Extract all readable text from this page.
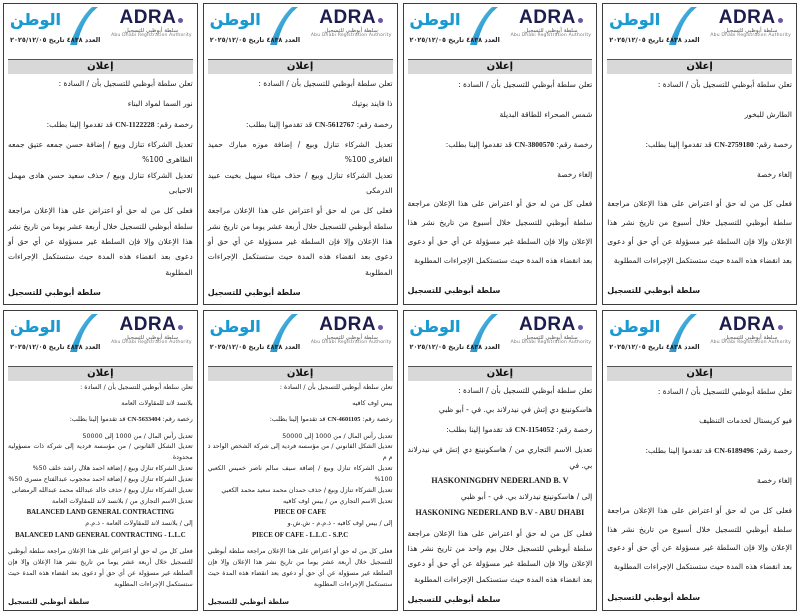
ADRA
سلطة أبوظبي للتسجيل
Abu Dhabi Registration Authority
الوطن
العدد ٤٨٣٨ تاريخ ٢٠٢٥/١٢/٠٥
إعلان
تعلن سلطة أبوظبي للتسجيل بأن / السادة :
نور السما لمواد البناء
رخصة رقم: CN-1122228 قد تقدموا إلينا بطلب:
تعديل الشركاء تنازل وبيع / إضافة حسن جمعه عتيق جمعه الظاهرى 100%
تعديل الشركاء تنازل وبيع / حذف سعيد حسن هادى مهمل الاحبابى
فعلى كل من له حق أو اعتراض على هذا الإعلان مراجعة سلطة أبوظبي للتسجيل خلال أربعة عشر يوما من تاريخ نشر هذا الإعلان وإلا فإن السلطة غير مسؤولة عن أي حق أو دعوى بعد انقضاء هذه المدة حيث ستستكمل الإجراءات المطلوبة
سلطة أبوظبي للتسجيل
ADRA
سلطة أبوظبي للتسجيل
Abu Dhabi Registration Authority
الوطن
العدد ٤٨٣٨ تاريخ ٢٠٢٥/١٢/٠٥
إعلان
تعلن سلطة أبوظبي للتسجيل بأن / السادة :
ذا فايند بوتيك
رخصة رقم: CN-5612767 قد تقدموا إلينا بطلب:
تعديل الشركاء تنازل وبيع / إضافة موزه مبارك حميد الغافرى 100%
تعديل الشركاء تنازل وبيع / حذف ميثاء سهيل بخيت عبيد الدرمكى
فعلى كل من له حق أو اعتراض على هذا الإعلان مراجعة سلطة أبوظبي للتسجيل خلال أربعة عشر يوما من تاريخ نشر هذا الإعلان وإلا فإن السلطة غير مسؤولة عن أي حق أو دعوى بعد انقضاء هذه المدة حيث ستستكمل الإجراءات المطلوبة
سلطة أبوظبي للتسجيل
ADRA
سلطة أبوظبي للتسجيل
Abu Dhabi Registration Authority
الوطن
العدد ٤٨٣٨ تاريخ ٢٠٢٥/١٢/٠٥
إعلان
تعلن سلطة أبوظبي للتسجيل بأن / السادة :
شمس الصحراء للطاقة البديلة
رخصة رقم: CN-3800570 قد تقدموا إلينا بطلب:
إلغاء رخصة
فعلى كل من له حق أو اعتراض على هذا الإعلان مراجعة سلطة أبوظبي للتسجيل خلال أسبوع من تاريخ نشر هذا الإعلان وإلا فإن السلطة غير مسؤولة عن أي حق أو دعوى بعد انقضاء هذه المدة حيث ستستكمل الإجراءات المطلوبة
سلطة أبوظبي للتسجيل
ADRA
سلطة أبوظبي للتسجيل
Abu Dhabi Registration Authority
الوطن
العدد ٤٨٣٨ تاريخ ٢٠٢٥/١٢/٠٥
إعلان
تعلن سلطة أبوظبي للتسجيل بأن / السادة :
الطارش للبخور
رخصة رقم: CN-2759180 قد تقدموا إلينا بطلب:
إلغاء رخصة
فعلى كل من له حق أو اعتراض على هذا الإعلان مراجعة سلطة أبوظبي للتسجيل خلال أسبوع من تاريخ نشر هذا الإعلان وإلا فإن السلطة غير مسؤولة عن أي حق أو دعوى بعد انقضاء هذه المدة حيث ستستكمل الإجراءات المطلوبة
سلطة أبوظبي للتسجيل
ADRA
سلطة أبوظبي للتسجيل
Abu Dhabi Registration Authority
الوطن
العدد ٤٨٣٨ تاريخ ٢٠٢٥/١٢/٠٥
إعلان
تعلن سلطة أبوظبي للتسجيل بأن / السادة :
بلانسد لاند للمقاولات العامة
رخصة رقم: CN-5633404 قد تقدموا إلينا بطلب:
تعديل رأس المال / من 1000 إلى 50000
تعديل الشكل القانوني / من مؤسسة فردية إلى شركة ذات مسؤولية محدودة
تعديل الشركاء تنازل وبيع / إضافة احمد هلال راشد خلف 50%
تعديل الشركاء تنازل وبيع / إضافة احمد محجوب عبدالفتاح مسرى 50%
تعديل الشركاء تنازل وبيع / حذف خالد عبدالله محمد عبدالله الرمضانى
تعديل الاسم التجاري من / بلانسد لاند للمقاولات العامة
BALANCED LAND GENERAL CONTRACTING
إلى / بلانسد لاند للمقاولات العامة - ذ.م.م
BALANCED LAND GENERAL CONTRACTING - L.L.C
فعلى كل من له حق أو اعتراض على هذا الإعلان مراجعة سلطة أبوظبي للتسجيل خلال أربعة عشر يوما من تاريخ نشر هذا الإعلان وإلا فإن السلطة غير مسؤولة عن أي حق أو دعوى بعد انقضاء هذه المدة حيث ستستكمل الإجراءات المطلوبة
سلطة أبوظبي للتسجيل
ADRA
سلطة أبوظبي للتسجيل
Abu Dhabi Registration Authority
الوطن
العدد ٤٨٣٨ تاريخ ٢٠٢٥/١٢/٠٥
إعلان
تعلن سلطة أبوظبي للتسجيل بأن / السادة :
بيس اوف كافيه
رخصة رقم: CN-4601105 قد تقدموا إلينا بطلب:
تعديل رأس المال / من 1000 إلى 50000
تعديل الشكل القانوني / من مؤسسة فردية إلى شركة الشخص الواحد ذ م م
تعديل الشركاء تنازل وبيع / إضافة سيف سالم ناصر خميس الكعبي 100%
تعديل الشركاء تنازل وبيع / حذف حمدان محمد سعيد محمد الكعبي
تعديل الاسم التجاري من / بيس اوف كافيه
PIECE OF CAFE
إلى / بيس اوف كافيه - ذ.م.م - ش.ش.و
PIECE OF CAFE - L.L.C - S.P.C
فعلى كل من له حق أو اعتراض على هذا الإعلان مراجعة سلطة أبوظبي للتسجيل خلال أربعة عشر يوما من تاريخ نشر هذا الإعلان وإلا فإن السلطة غير مسؤولة عن أي حق أو دعوى بعد انقضاء هذه المدة حيث ستستكمل الإجراءات المطلوبة
سلطة أبوظبي للتسجيل
ADRA
سلطة أبوظبي للتسجيل
Abu Dhabi Registration Authority
الوطن
العدد ٤٨٣٨ تاريخ ٢٠٢٥/١٢/٠٥
إعلان
تعلن سلطة أبوظبي للتسجيل بأن / السادة :
هاسكونينغ دي إتش في نيدرلاند بي. في - أبو ظبي
رخصة رقم: CN-1154052 قد تقدموا إلينا بطلب:
تعديل الاسم التجاري من / هاسكونينغ دي إتش في نيدرلاند بي. في
HASKONINGDHV NEDERLAND B. V
إلى / هاسكونينغ نيدرلاند بي. في - أبو ظبي
HASKONING NEDERLAND B.V - ABU DHABI
فعلى كل من له حق أو اعتراض على هذا الإعلان مراجعة سلطة أبوظبي للتسجيل خلال يوم واحد من تاريخ نشر هذا الإعلان وإلا فإن السلطة غير مسؤولة عن أي حق أو دعوى بعد انقضاء هذه المدة حيث ستستكمل الإجراءات المطلوبة
سلطة أبوظبي للتسجيل
ADRA
سلطة أبوظبي للتسجيل
Abu Dhabi Registration Authority
الوطن
العدد ٤٨٣٨ تاريخ ٢٠٢٥/١٢/٠٥
إعلان
تعلن سلطة أبوظبي للتسجيل بأن / السادة :
فيو كريستال لخدمات التنظيف
رخصة رقم: CN-6189496 قد تقدموا إلينا بطلب:
إلغاء رخصة
فعلى كل من له حق أو اعتراض على هذا الإعلان مراجعة سلطة أبوظبي للتسجيل خلال أسبوع من تاريخ نشر هذا الإعلان وإلا فإن السلطة غير مسؤولة عن أي حق أو دعوى بعد انقضاء هذه المدة حيث ستستكمل الإجراءات المطلوبة
سلطة أبوظبي للتسجيل
